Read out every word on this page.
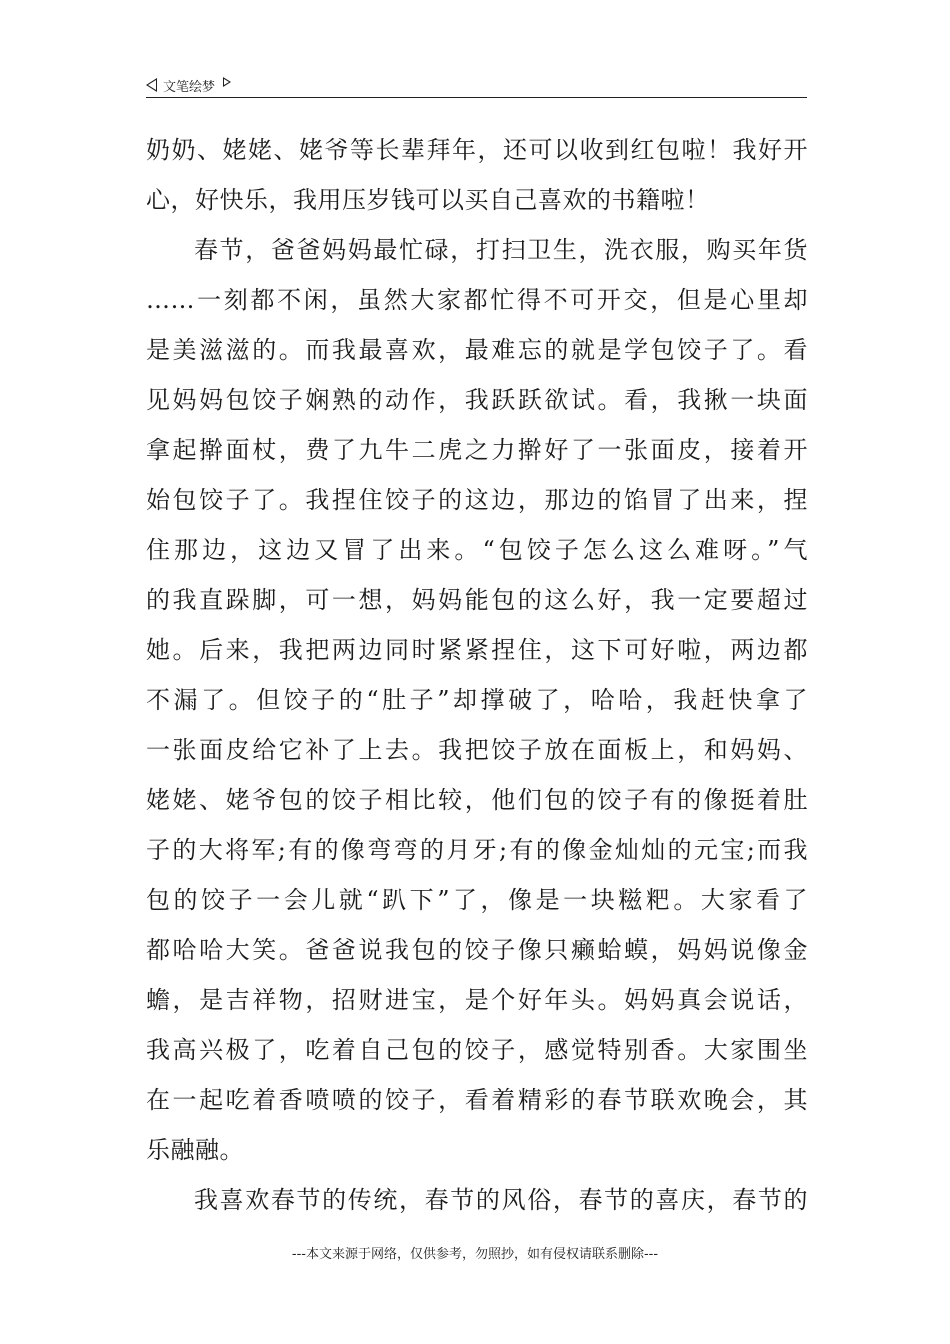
文笔绘梦
奶奶、姥姥、姥爷等长辈拜年，还可以收到红包啦！我好开
心，好快乐，我用压岁钱可以买自己喜欢的书籍啦！
春节，爸爸妈妈最忙碌，打扫卫生，洗衣服，购买年货
……一刻都不闲，虽然大家都忙得不可开交，但是心里却
是美滋滋的。而我最喜欢，最难忘的就是学包饺子了。看
见妈妈包饺子娴熟的动作，我跃跃欲试。看，我揪一块面
拿起擀面杖，费了九牛二虎之力擀好了一张面皮，接着开
始包饺子了。我捏住饺子的这边，那边的馅冒了出来，捏
住那边，这边又冒了出来。“包饺子怎么这么难呀。”气
的我直跺脚，可一想，妈妈能包的这么好，我一定要超过
她。后来，我把两边同时紧紧捏住，这下可好啦，两边都
不漏了。但饺子的“肚子”却撑破了，哈哈，我赶快拿了
一张面皮给它补了上去。我把饺子放在面板上，和妈妈、
姥姥、姥爷包的饺子相比较，他们包的饺子有的像挺着肚
子的大将军;有的像弯弯的月牙;有的像金灿灿的元宝;而我
包的饺子一会儿就“趴下”了，像是一块糍粑。大家看了
都哈哈大笑。爸爸说我包的饺子像只癞蛤蟆，妈妈说像金
蟾，是吉祥物，招财进宝，是个好年头。妈妈真会说话，
我高兴极了，吃着自己包的饺子，感觉特别香。大家围坐
在一起吃着香喷喷的饺子，看着精彩的春节联欢晚会，其
乐融融。
我喜欢春节的传统，春节的风俗，春节的喜庆，春节的
---本文来源于网络，仅供参考，勿照抄，如有侵权请联系删除---
